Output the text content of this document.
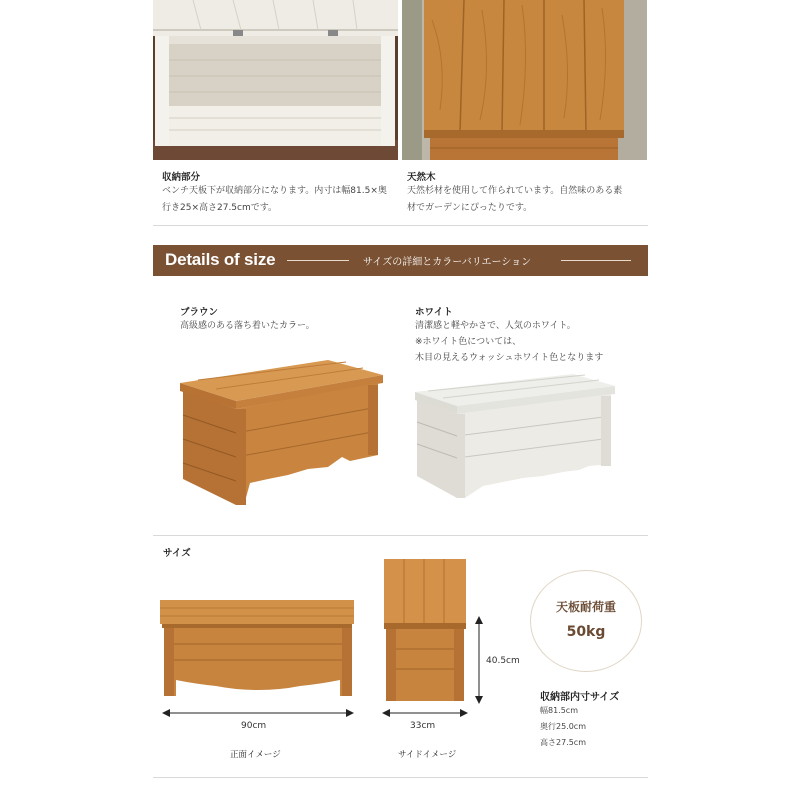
収納部分
ベンチ天板下が収納部分になります。内寸は幅81.5×奥
行き25×高さ27.5cmです。
天然木
天然杉材を使用して作られています。自然味のある素
材でガーデンにぴったりです。
Details of size	サイズの詳細とカラーバリエーション
ブラウン
高級感のある落ち着いたカラー。
ホワイト
清潔感と軽やかさで、人気のホワイト。
※ホワイト色については、
木目の見えるウォッシュホワイト色となります
サイズ
90cm
正面イメージ
33cm
サイドイメージ
40.5cm
天板耐荷重
50kg
収納部内寸サイズ
幅81.5cm
奥行25.0cm
高さ27.5cm
